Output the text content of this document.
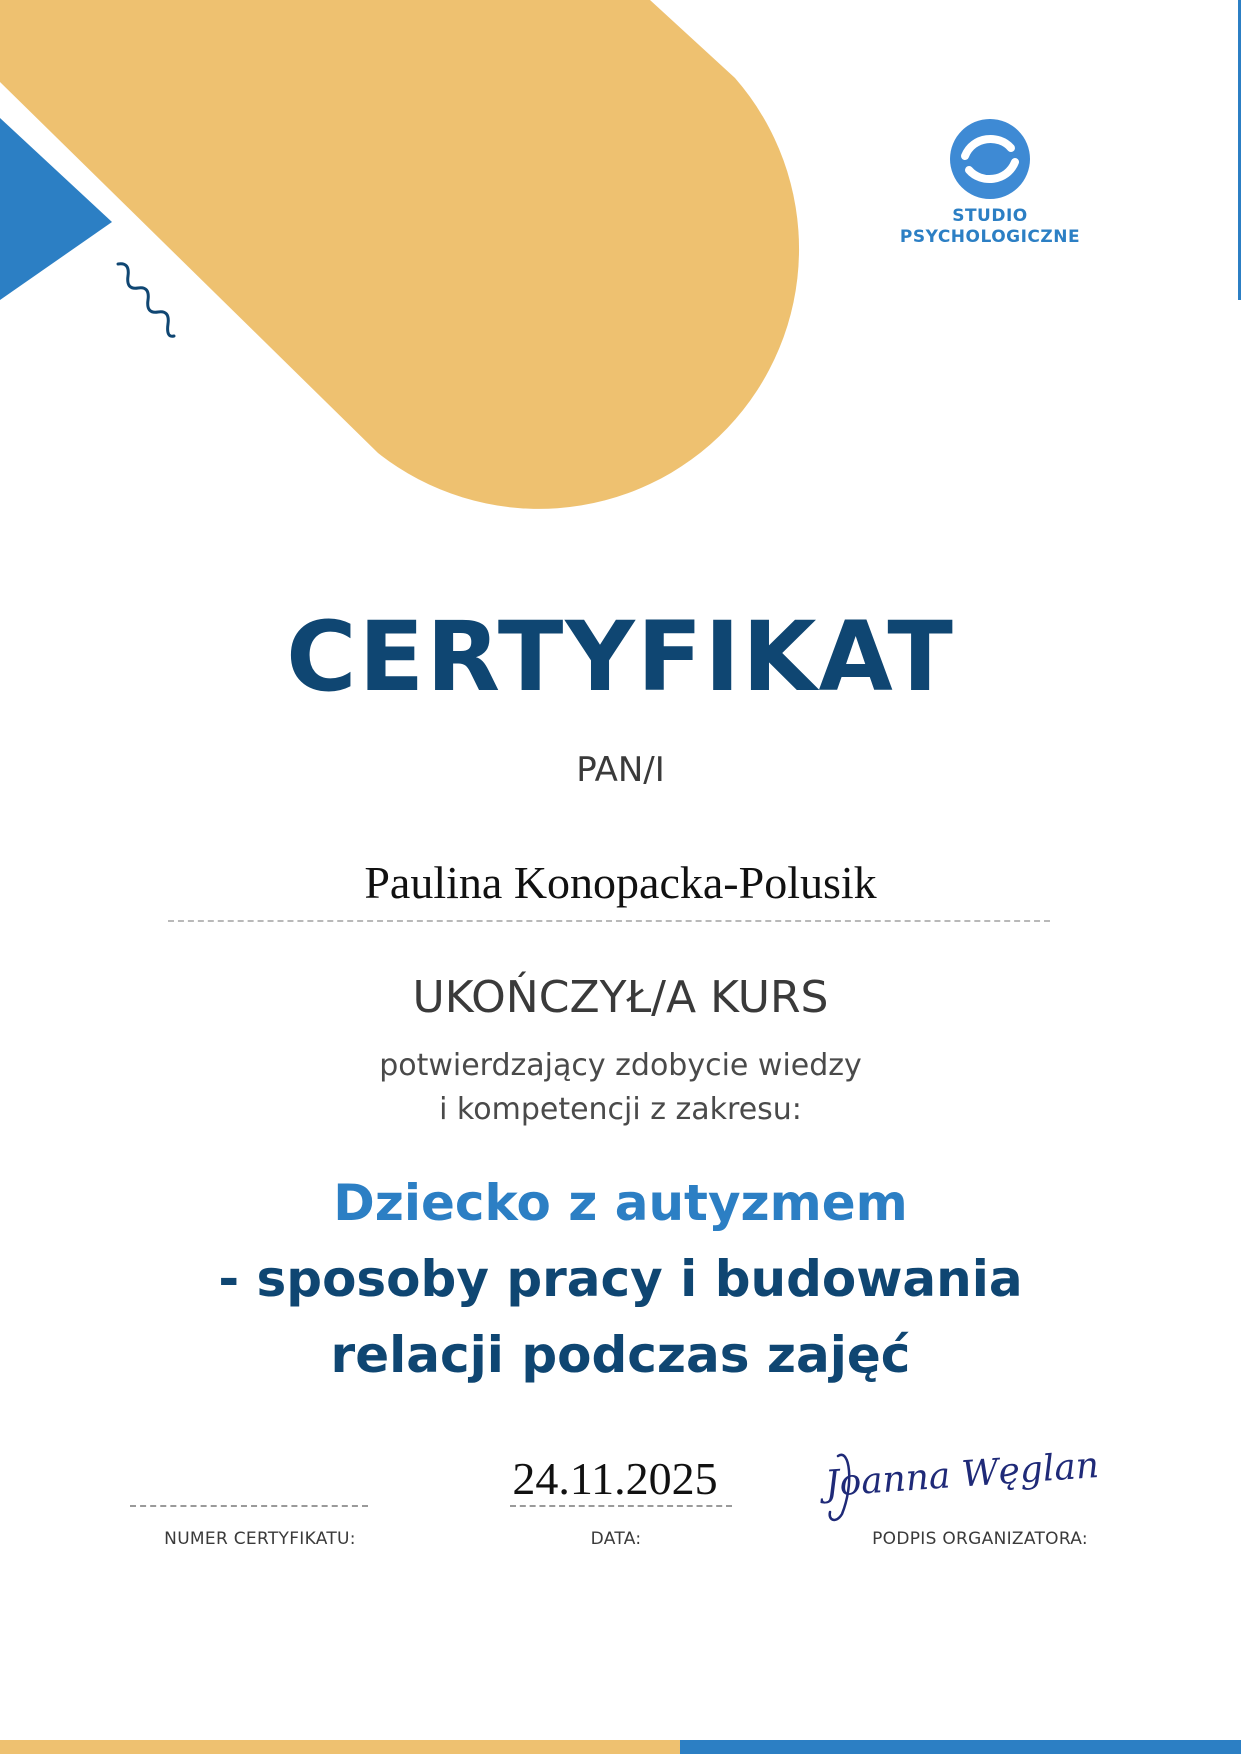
STUDIO
PSYCHOLOGICZNE
CERTYFIKAT
PAN/I
Paulina Konopacka-Polusik
UKOŃCZYŁ/A KURS
potwierdzający zdobycie wiedzy
i kompetencji z zakresu:
Dziecko z autyzmem
- sposoby pracy i budowania
relacji podczas zajęć
NUMER CERTYFIKATU:
24.11.2025
DATA:
Joanna Węglan
PODPIS ORGANIZATORA:
